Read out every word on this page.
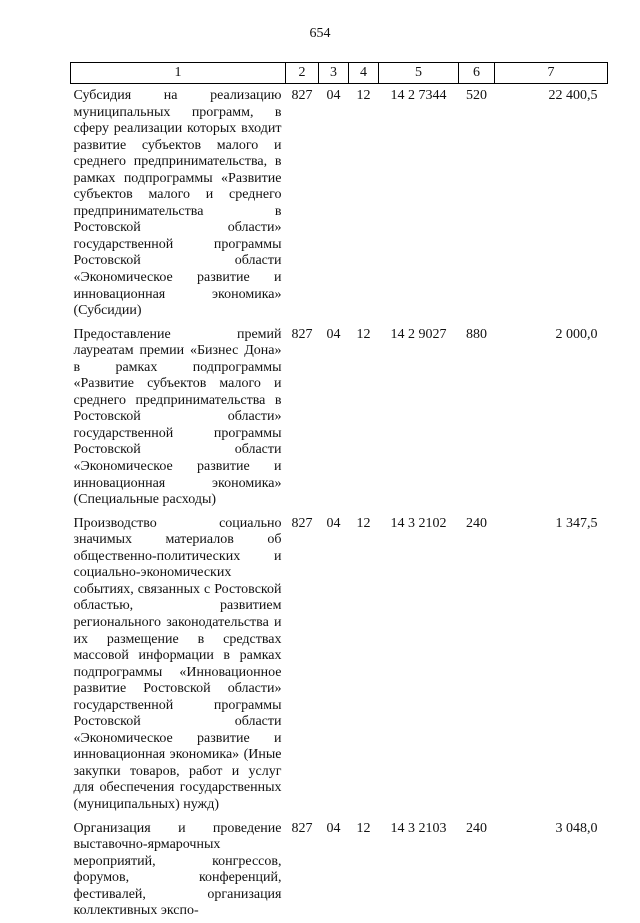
654
1	2	3	4	5	6	7
Субсидия на реализацию муниципальных программ, в сферу реализации которых входит развитие субъектов малого и среднего предпринимательства, в рамках подпрограммы «Развитие субъектов малого и среднего предпринимательства в Ростовской области» государственной программы Ростовской области «Экономическое развитие и инновационная экономика» (Субсидии)	827	04	12	14 2 7344	520	22 400,5
Предоставление премий лауреатам премии «Бизнес Дона» в рамках подпрограммы «Развитие субъектов малого и среднего предпринимательства в Ростовской области» государственной программы Ростовской области «Экономическое развитие и инновационная экономика» (Специальные расходы)	827	04	12	14 2 9027	880	2 000,0
Производство социально значимых материалов об общественно-политических и социально-экономических событиях, связанных с Ростовской областью, развитием регионального законодательства и их размещение в средствах массовой информации в рамках подпрограммы «Инновационное развитие Ростовской области» государственной программы Ростовской области «Экономическое развитие и инновационная экономика» (Иные закупки товаров, работ и услуг для обеспечения государственных (муниципальных) нужд)	827	04	12	14 3 2102	240	1 347,5
Организация и проведение выставочно-ярмарочных мероприятий, конгрессов, форумов, конференций, фестивалей, организация коллективных экспо-	827	04	12	14 3 2103	240	3 048,0
